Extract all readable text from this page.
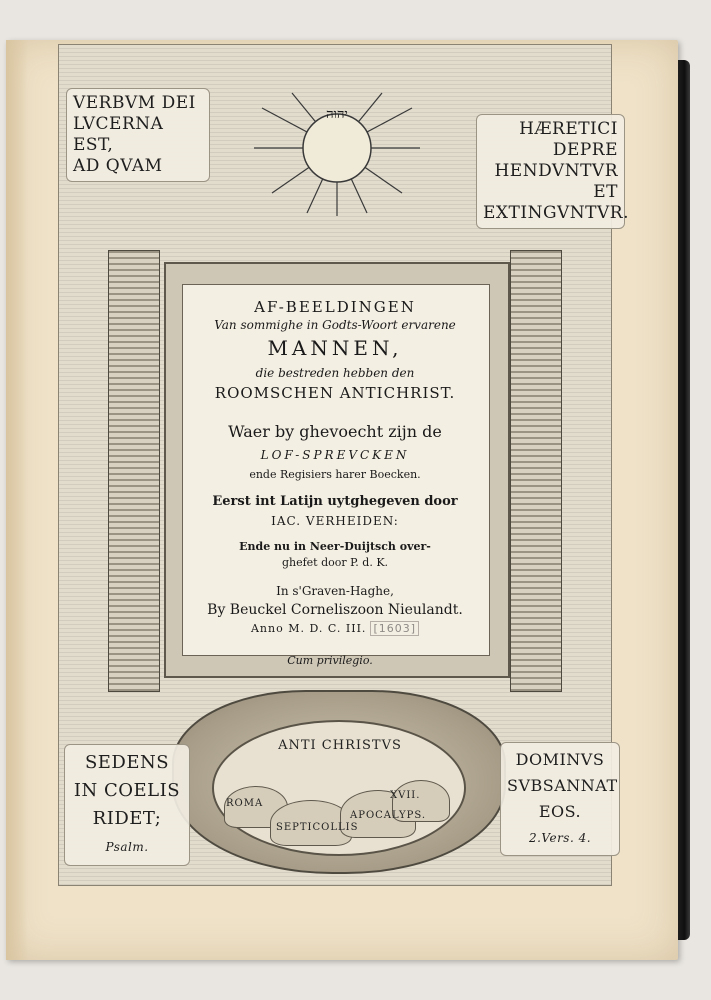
יהוה
VERBVM DEI
LVCERNA EST,
AD QVAM
HÆRETICI DEPRE
HENDVNTVR ET
EXTINGVNTVR.
AF-BEELDINGEN
Van sommighe in Godts-Woort ervarene
MANNEN,
die bestreden hebben den
ROOMSCHEN ANTICHRIST.
Waer by ghevoecht zijn de
LOF-SPREVCKEN
ende Regisiers harer Boecken.
Eerst int Latijn uytghegeven door
IAC. VERHEIDEN:
Ende nu in Neer-Duijtsch over-
ghefet door P. d. K.
In s'Graven-Haghe,
By Beuckel Cornelisz​oon Nieulandt.
Anno M. D. C. III. [1603]
Cum privilegio.
ANTI CHRISTVS
ROMA
SEPTICOLLIS
APOCALYPS.
XVII.
SEDENS
IN COELIS
RIDET;
Psalm.
DOMINVS
SVBSANNAT
EOS.
2.Vers. 4.
